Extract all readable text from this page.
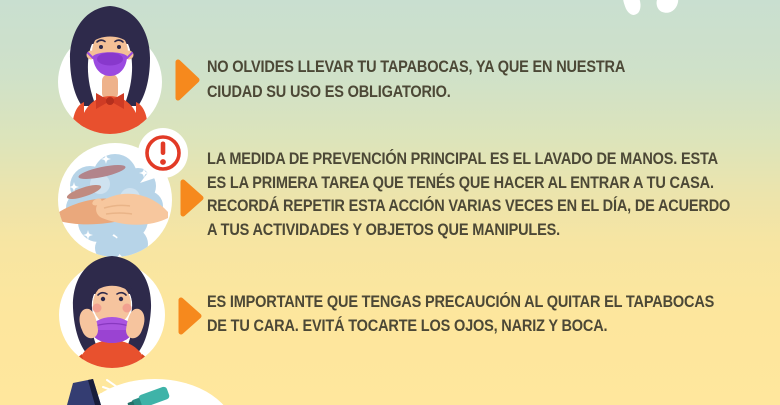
NO OLVIDES LLEVAR TU TAPABOCAS, YA QUE EN NUESTRA
CIUDAD SU USO ES OBLIGATORIO.
LA MEDIDA DE PREVENCIÓN PRINCIPAL ES EL LAVADO DE MANOS. ESTA
ES LA PRIMERA TAREA QUE TENÉS QUE HACER AL ENTRAR A TU CASA.
RECORDÁ REPETIR ESTA ACCIÓN VARIAS VECES EN EL DÍA, DE ACUERDO
A TUS ACTIVIDADES Y OBJETOS QUE MANIPULES.
ES IMPORTANTE QUE TENGAS PRECAUCIÓN AL QUITAR EL TAPABOCAS
DE TU CARA. EVITÁ TOCARTE LOS OJOS, NARIZ Y BOCA.
